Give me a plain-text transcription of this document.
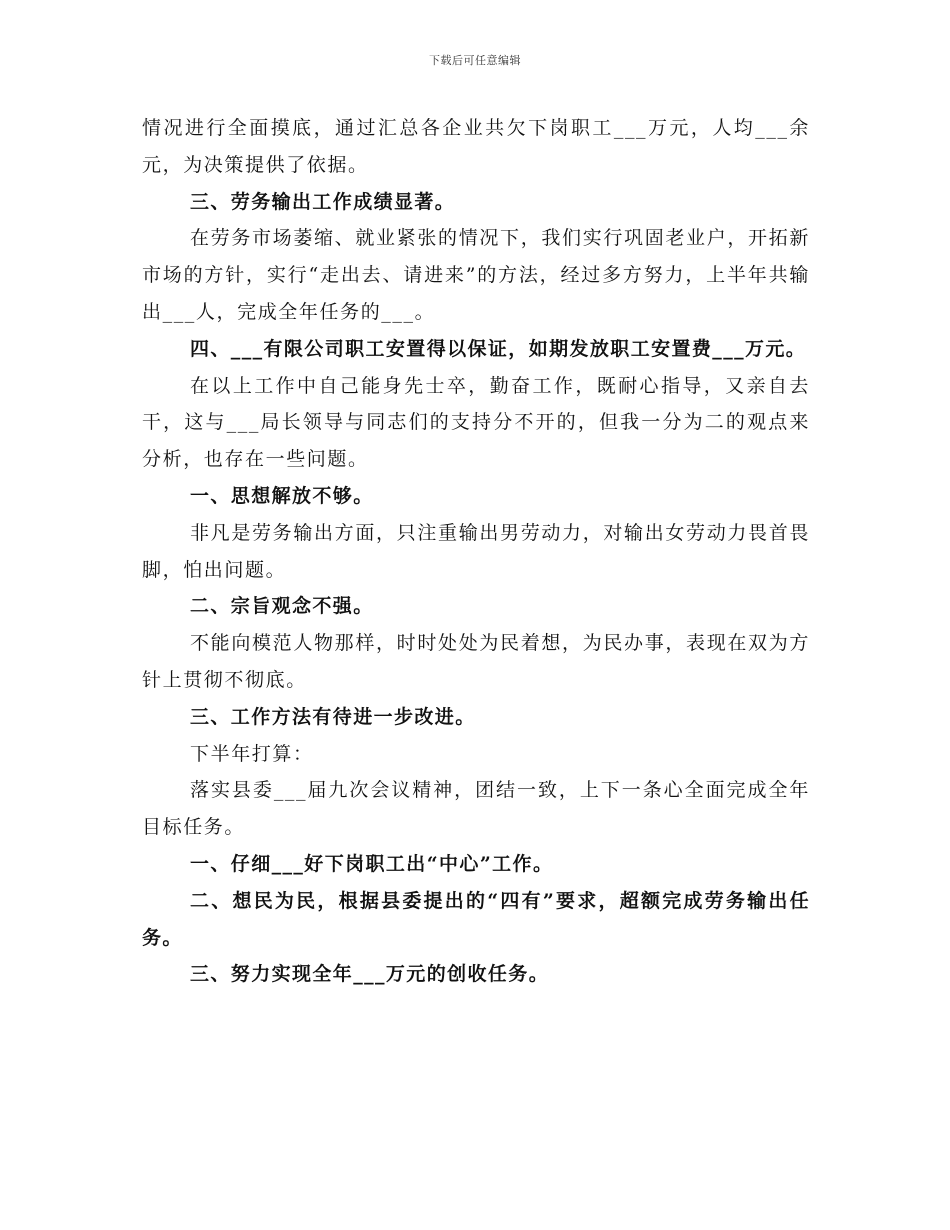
下载后可任意编辑

情况进行全面摸底，通过汇总各企业共欠下岗职工___万元，人均___余元，为决策提供了依据。

三、劳务输出工作成绩显著。

在劳务市场萎缩、就业紧张的情况下，我们实行巩固老业户，开拓新市场的方针，实行“走出去、请进来”的方法，经过多方努力，上半年共输出___人，完成全年任务的___。

四、___有限公司职工安置得以保证，如期发放职工安置费___万元。

在以上工作中自己能身先士卒，勤奋工作，既耐心指导，又亲自去干，这与___局长领导与同志们的支持分不开的，但我一分为二的观点来分析，也存在一些问题。

一、思想解放不够。

非凡是劳务输出方面，只注重输出男劳动力，对输出女劳动力畏首畏脚，怕出问题。

二、宗旨观念不强。

不能向模范人物那样，时时处处为民着想，为民办事，表现在双为方针上贯彻不彻底。

三、工作方法有待进一步改进。

下半年打算：

落实县委___届九次会议精神，团结一致，上下一条心全面完成全年目标任务。

一、仔细___好下岗职工出“中心”工作。

二、想民为民，根据县委提出的“四有”要求，超额完成劳务输出任务。

三、努力实现全年___万元的创收任务。
